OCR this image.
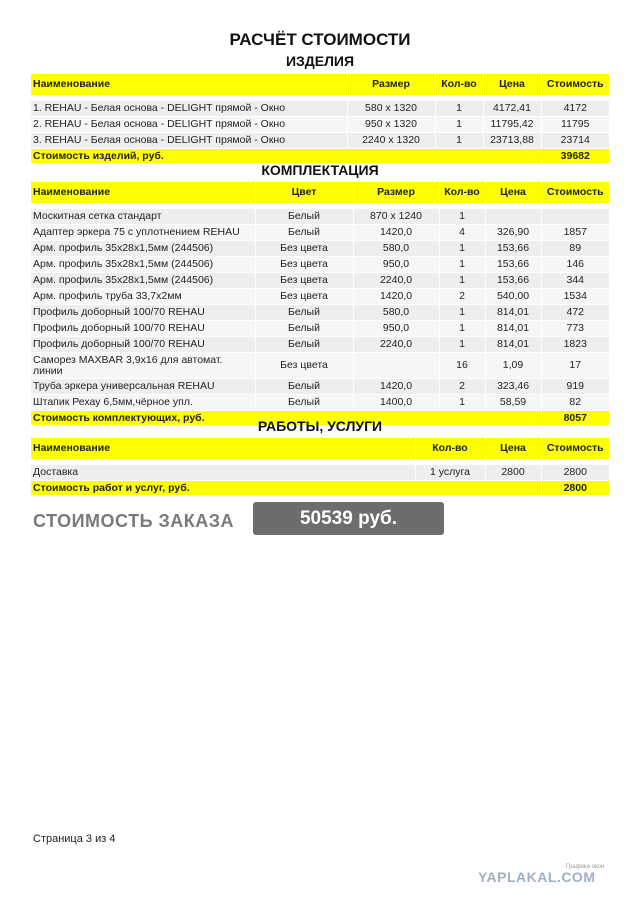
РАСЧЁТ СТОИМОСТИ
ИЗДЕЛИЯ
Наименование	Размер	Кол-во	Цена	Стоимость

1. REHAU - Белая основа - DELIGHT прямой - Окно	580 x 1320	1	4172,41	4172
2. REHAU - Белая основа - DELIGHT прямой - Окно	950 x 1320	1	11795,42	11795
3. REHAU - Белая основа - DELIGHT прямой - Окно	2240 x 1320	1	23713,88	23714
Стоимость изделий, руб.				39682
КОМПЛЕКТАЦИЯ
Наименование	Цвет	Размер	Кол-во	Цена	Стоимость

Москитная сетка стандарт	Белый	870 x 1240	1		
Адаптер эркера 75 с уплотнением REHAU	Белый	1420,0	4	326,90	1857
Арм. профиль 35x28x1,5мм (244506)	Без цвета	580,0	1	153,66	89
Арм. профиль 35x28x1,5мм (244506)	Без цвета	950,0	1	153,66	146
Арм. профиль 35x28x1,5мм (244506)	Без цвета	2240,0	1	153,66	344
Арм. профиль труба 33,7x2мм	Без цвета	1420,0	2	540,00	1534
Профиль доборный 100/70 REHAU	Белый	580,0	1	814,01	472
Профиль доборный 100/70 REHAU	Белый	950,0	1	814,01	773
Профиль доборный 100/70 REHAU	Белый	2240,0	1	814,01	1823
Саморез MAXBAR 3,9x16 для автомат. линии	Без цвета		16	1,09	17
Труба эркера универсальная REHAU	Белый	1420,0	2	323,46	919
Штапик Рехау 6,5мм,чёрное упл.	Белый	1400,0	1	58,59	82
Стоимость комплектующих, руб.					8057
РАБОТЫ, УСЛУГИ
Наименование	Кол-во	Цена	Стоимость

Доставка	1 услуга	2800	2800
Стоимость работ и услуг, руб.			2800
СТОИМОСТЬ ЗАКАЗА	50539 руб.
Страница 3 из 4
Графика окон
YAPLAKAL.COM
